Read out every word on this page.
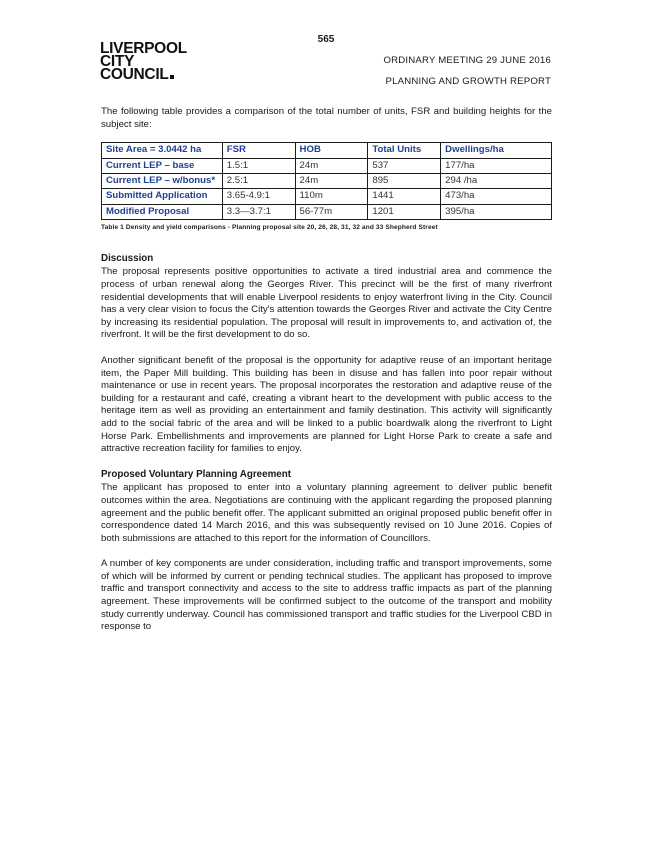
565
LIVERPOOL
CITY
COUNCIL
ORDINARY MEETING 29 JUNE 2016
PLANNING AND GROWTH REPORT

The following table provides a comparison of the total number of units, FSR and building heights for the subject site:

Site Area = 3.0442 ha	FSR	HOB	Total Units	Dwellings/ha
Current LEP – base	1.5:1	24m	537	177/ha
Current LEP – w/bonus*	2.5:1	24m	895	294 /ha
Submitted Application	3.65-4.9:1	110m	1441	473/ha
Modified Proposal	3.3—3.7:1	56-77m	1201	395/ha
Table 1 Density and yield comparisons - Planning proposal site 20, 26, 28, 31, 32 and 33 Shepherd Street
Discussion

The proposal represents positive opportunities to activate a tired industrial area and commence the process of urban renewal along the Georges River. This precinct will be the first of many riverfront residential developments that will enable Liverpool residents to enjoy waterfront living in the City. Council has a very clear vision to focus the City's attention towards the Georges River and activate the City Centre by increasing its residential population. The proposal will result in improvements to, and activation of, the riverfront. It will be the first development to do so.

Another significant benefit of the proposal is the opportunity for adaptive reuse of an important heritage item, the Paper Mill building. This building has been in disuse and has fallen into poor repair without maintenance or use in recent years. The proposal incorporates the restoration and adaptive reuse of the building for a restaurant and café, creating a vibrant heart to the development with public access to the heritage item as well as providing an entertainment and family destination. This activity will significantly add to the social fabric of the area and will be linked to a public boardwalk along the riverfront to Light Horse Park. Embellishments and improvements are planned for Light Horse Park to create a safe and attractive recreation facility for families to enjoy.

Proposed Voluntary Planning Agreement

The applicant has proposed to enter into a voluntary planning agreement to deliver public benefit outcomes within the area. Negotiations are continuing with the applicant regarding the proposed planning agreement and the public benefit offer. The applicant submitted an original proposed public benefit offer in correspondence dated 14 March 2016, and this was subsequently revised on 10 June 2016. Copies of both submissions are attached to this report for the information of Councillors.

A number of key components are under consideration, including traffic and transport improvements, some of which will be informed by current or pending technical studies. The applicant has proposed to improve traffic and transport connectivity and access to the site to address traffic impacts as part of the planning agreement. These improvements will be confirmed subject to the outcome of the transport and mobility study currently underway. Council has commissioned transport and traffic studies for the Liverpool CBD in response to
